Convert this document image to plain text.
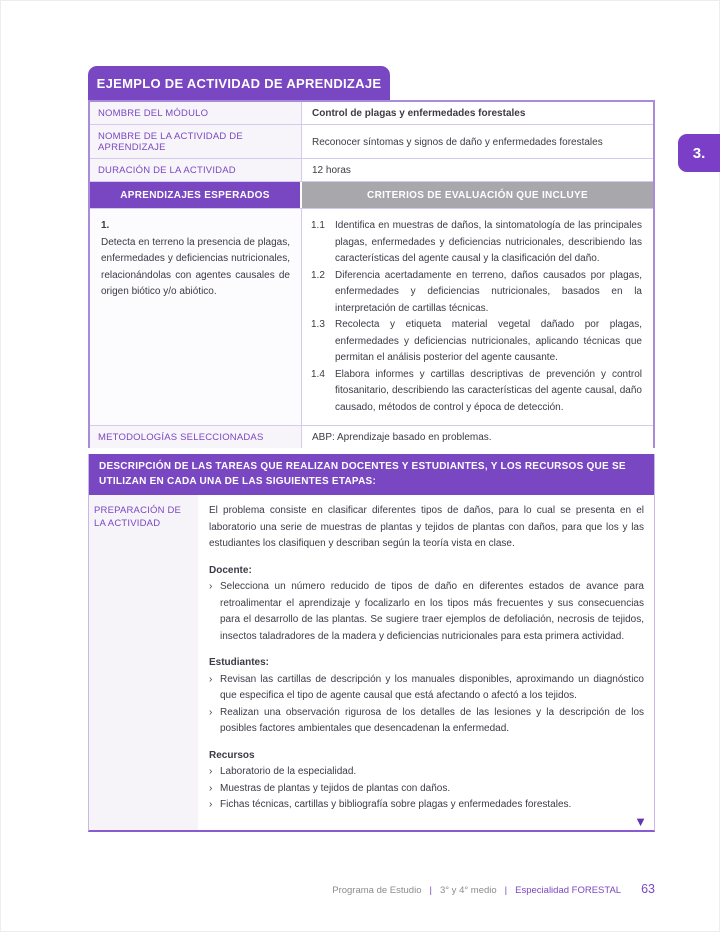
EJEMPLO DE ACTIVIDAD DE APRENDIZAJE
NOMBRE DEL MÓDULO	Control de plagas y enfermedades forestales
NOMBRE DE LA ACTIVIDAD DE APRENDIZAJE	Reconocer síntomas y signos de daño y enfermedades forestales
DURACIÓN DE LA ACTIVIDAD	12 horas
APRENDIZAJES ESPERADOS	CRITERIOS DE EVALUACIÓN QUE INCLUYE
1.
Detecta en terreno la presencia de plagas, enfermedades y deficiencias nutricionales, relacionándolas con agentes causales de origen biótico y/o abiótico.
1.1	Identifica en muestras de daños, la sintomatología de las principales plagas, enfermedades y deficiencias nutricionales, describiendo las características del agente causal y la clasificación del daño.
1.2	Diferencia acertadamente en terreno, daños causados por plagas, enfermedades y deficiencias nutricionales, basados en la interpretación de cartillas técnicas.
1.3	Recolecta y etiqueta material vegetal dañado por plagas, enfermedades y deficiencias nutricionales, aplicando técnicas que permitan el análisis posterior del agente causante.
1.4	Elabora informes y cartillas descriptivas de prevención y control fitosanitario, describiendo las características del agente causal, daño causado, métodos de control y época de detección.
METODOLOGÍAS SELECCIONADAS	ABP: Aprendizaje basado en problemas.
DESCRIPCIÓN DE LAS TAREAS QUE REALIZAN DOCENTES Y ESTUDIANTES, Y LOS RECURSOS QUE SE UTILIZAN EN CADA UNA DE LAS SIGUIENTES ETAPAS:
PREPARACIÓN DE LA ACTIVIDAD
El problema consiste en clasificar diferentes tipos de daños, para lo cual se presenta en el laboratorio una serie de muestras de plantas y tejidos de plantas con daños, para que los y las estudiantes los clasifiquen y describan según la teoría vista en clase.
Docente:
› Selecciona un número reducido de tipos de daño en diferentes estados de avance para retroalimentar el aprendizaje y focalizarlo en los tipos más frecuentes y sus consecuencias para el desarrollo de las plantas. Se sugiere traer ejemplos de defoliación, necrosis de tejidos, insectos taladradores de la madera y deficiencias nutricionales para esta primera actividad.
Estudiantes:
› Revisan las cartillas de descripción y los manuales disponibles, aproximando un diagnóstico que especifica el tipo de agente causal que está afectando o afectó a los tejidos.
› Realizan una observación rigurosa de los detalles de las lesiones y la descripción de los posibles factores ambientales que desencadenan la enfermedad.
Recursos
› Laboratorio de la especialidad.
› Muestras de plantas y tejidos de plantas con daños.
› Fichas técnicas, cartillas y bibliografía sobre plagas y enfermedades forestales.
▼
3.
Programa de Estudio | 3° y 4° medio | Especialidad FORESTAL 63
